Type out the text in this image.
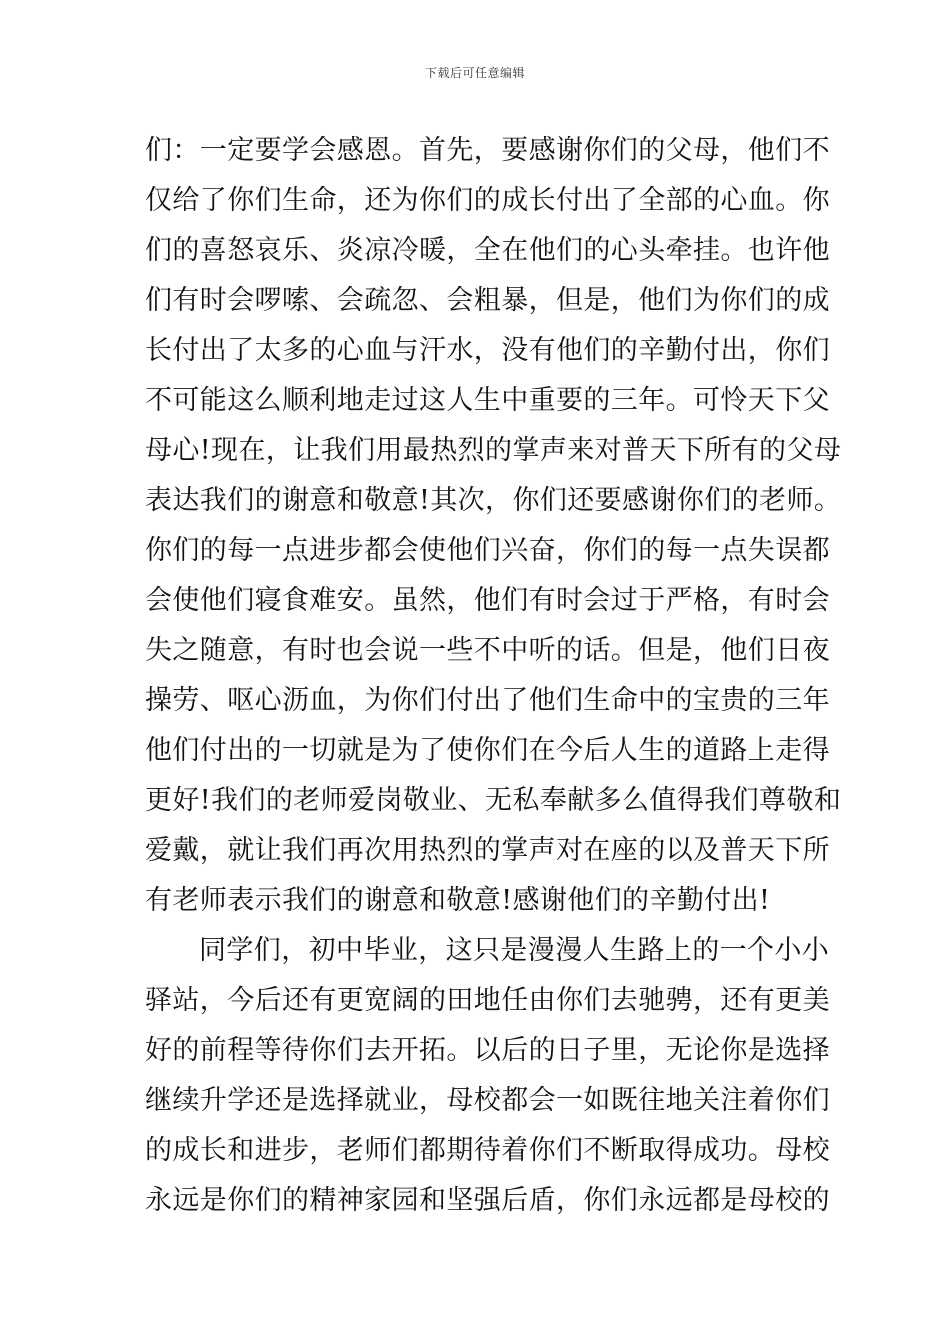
下载后可任意编辑
们：一定要学会感恩。首先，要感谢你们的父母，他们不
仅给了你们生命，还为你们的成长付出了全部的心血。你
们的喜怒哀乐、炎凉冷暖，全在他们的心头牵挂。也许他
们有时会啰嗦、会疏忽、会粗暴，但是，他们为你们的成
长付出了太多的心血与汗水，没有他们的辛勤付出，你们
不可能这么顺利地走过这人生中重要的三年。可怜天下父
母心!现在，让我们用最热烈的掌声来对普天下所有的父母
表达我们的谢意和敬意!其次，你们还要感谢你们的老师。
你们的每一点进步都会使他们兴奋，你们的每一点失误都
会使他们寝食难安。虽然，他们有时会过于严格，有时会
失之随意，有时也会说一些不中听的话。但是，他们日夜
操劳、呕心沥血，为你们付出了他们生命中的宝贵的三年
他们付出的一切就是为了使你们在今后人生的道路上走得
更好!我们的老师爱岗敬业、无私奉献多么值得我们尊敬和
爱戴，就让我们再次用热烈的掌声对在座的以及普天下所
有老师表示我们的谢意和敬意!感谢他们的辛勤付出!
同学们，初中毕业，这只是漫漫人生路上的一个小小
驿站，今后还有更宽阔的田地任由你们去驰骋，还有更美
好的前程等待你们去开拓。以后的日子里，无论你是选择
继续升学还是选择就业，母校都会一如既往地关注着你们
的成长和进步，老师们都期待着你们不断取得成功。母校
永远是你们的精神家园和坚强后盾，你们永远都是母校的
